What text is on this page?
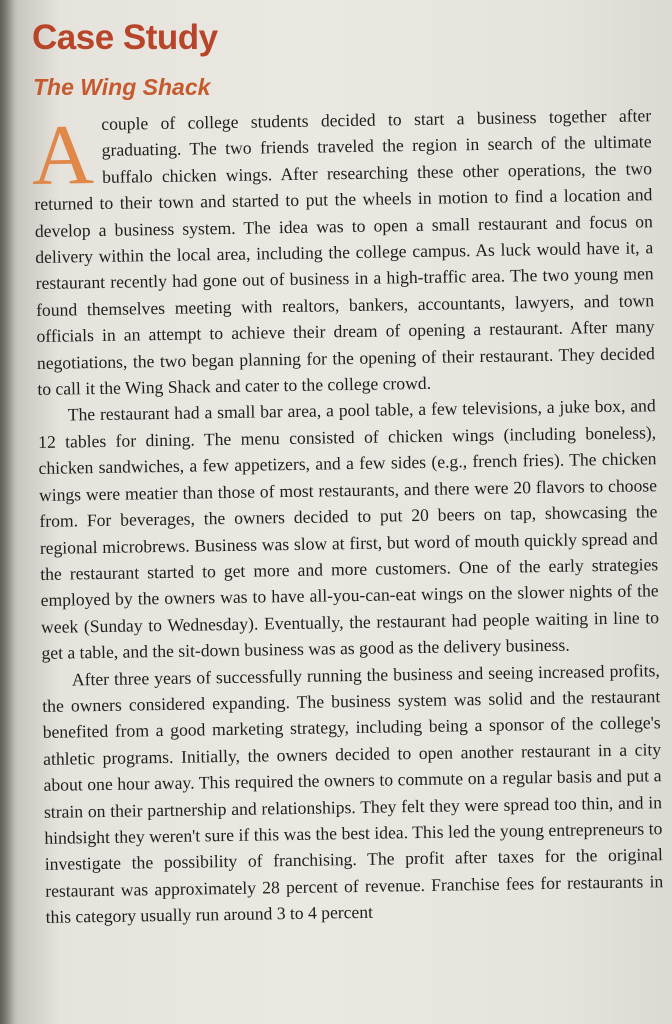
Case Study
The Wing Shack

Acouple of college students decided to start a business together after graduating. The two friends traveled the region in search of the ultimate buffalo chicken wings. After researching these other operations, the two returned to their town and started to put the wheels in motion to find a location and develop a business system. The idea was to open a small restaurant and focus on delivery within the local area, including the college campus. As luck would have it, a restaurant recently had gone out of business in a high-traffic area. The two young men found themselves meeting with realtors, bankers, accountants, lawyers, and town officials in an attempt to achieve their dream of opening a restaurant. After many negotiations, the two began planning for the opening of their restaurant. They decided to call it the Wing Shack and cater to the college crowd.

The restaurant had a small bar area, a pool table, a few televisions, a juke box, and 12 tables for dining. The menu consisted of chicken wings (including boneless), chicken sandwiches, a few appetizers, and a few sides (e.g., french fries). The chicken wings were meatier than those of most restaurants, and there were 20 flavors to choose from. For beverages, the owners decided to put 20 beers on tap, showcasing the regional microbrews. Business was slow at first, but word of mouth quickly spread and the restaurant started to get more and more customers. One of the early strategies employed by the owners was to have all-you-can-eat wings on the slower nights of the week (Sunday to Wednesday). Eventually, the restaurant had people waiting in line to get a table, and the sit-down business was as good as the delivery business.

After three years of successfully running the business and seeing increased profits, the owners considered expanding. The business system was solid and the restaurant benefited from a good marketing strategy, including being a sponsor of the college's athletic programs. Initially, the owners decided to open another restaurant in a city about one hour away. This required the owners to commute on a regular basis and put a strain on their partnership and relationships. They felt they were spread too thin, and in hindsight they weren't sure if this was the best idea. This led the young entrepreneurs to investigate the possibility of franchising. The profit after taxes for the original restaurant was approximately 28 percent of revenue. Franchise fees for restaurants in this category usually run around 3 to 4 percent
